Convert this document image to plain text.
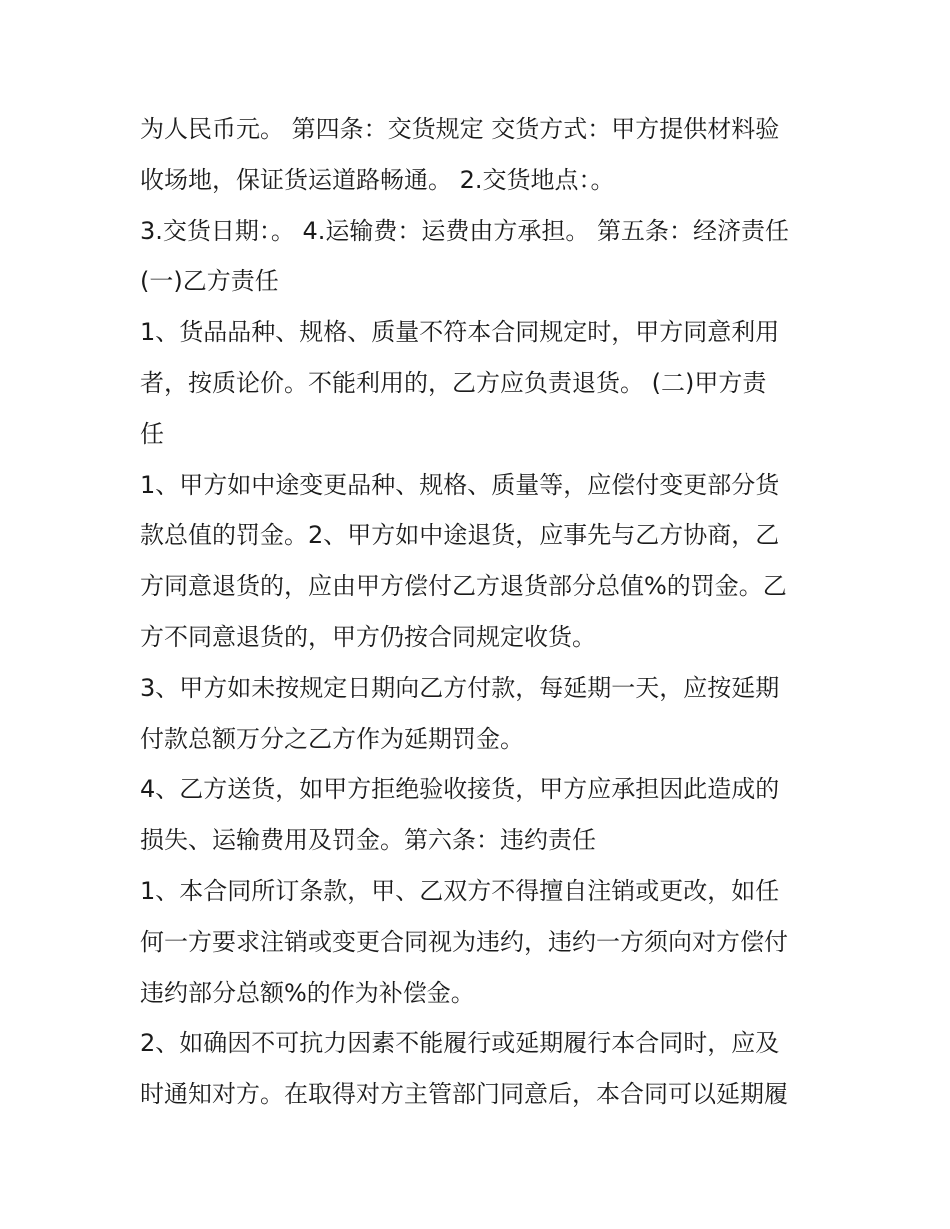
为人民币元。 第四条：交货规定 交货方式：甲方提供材料验
收场地，保证货运道路畅通。 2.交货地点：。
3.交货日期：。 4.运输费：运费由方承担。 第五条：经济责任
(一)乙方责任
1、货品品种、规格、质量不符本合同规定时，甲方同意利用
者，按质论价。不能利用的，乙方应负责退货。 (二)甲方责
任
1、甲方如中途变更品种、规格、质量等，应偿付变更部分货
款总值的罚金。2、甲方如中途退货，应事先与乙方协商，乙
方同意退货的，应由甲方偿付乙方退货部分总值%的罚金。乙
方不同意退货的，甲方仍按合同规定收货。
3、甲方如未按规定日期向乙方付款，每延期一天，应按延期
付款总额万分之乙方作为延期罚金。
4、乙方送货，如甲方拒绝验收接货，甲方应承担因此造成的
损失、运输费用及罚金。第六条：违约责任
1、本合同所订条款，甲、乙双方不得擅自注销或更改，如任
何一方要求注销或变更合同视为违约，违约一方须向对方偿付
违约部分总额%的作为补偿金。
2、如确因不可抗力因素不能履行或延期履行本合同时，应及
时通知对方。在取得对方主管部门同意后，本合同可以延期履
